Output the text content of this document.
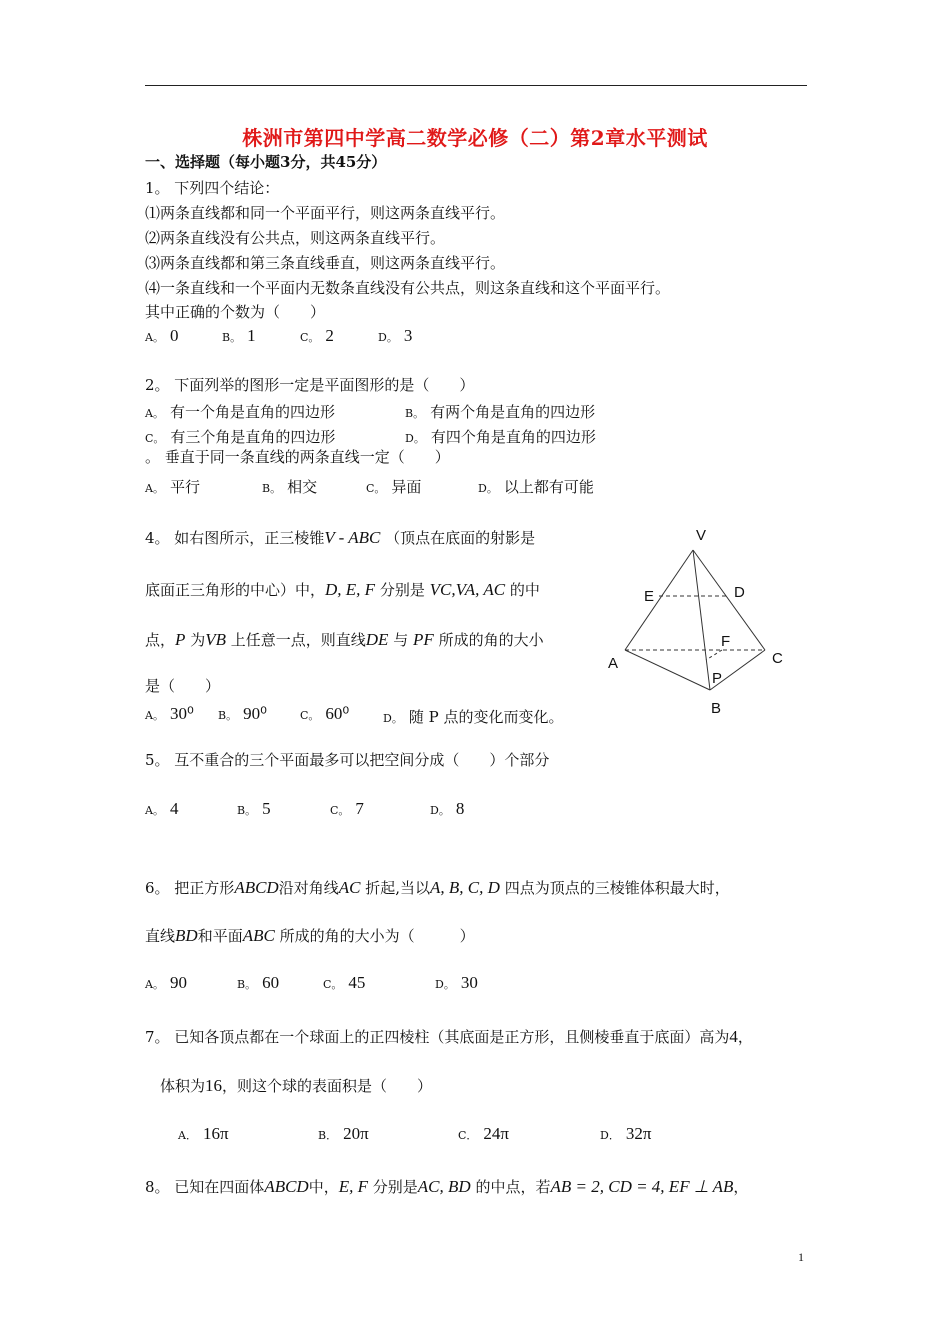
株洲市第四中学高二数学必修（二）第2章水平测试
一、选择题（每小题3分，共45分）
1。 下列四个结论：
⑴两条直线都和同一个平面平行，则这两条直线平行。
⑵两条直线没有公共点，则这两条直线平行。
⑶两条直线都和第三条直线垂直，则这两条直线平行。
⑷一条直线和一个平面内无数条直线没有公共点，则这条直线和这个平面平行。
其中正确的个数为（　　）
A。 0	B。 1	C。 2	D。 3
2。 下面列举的图形一定是平面图形的是（　　）
A。 有一个角是直角的四边形	B。 有两个角是直角的四边形
C。 有三个角是直角的四边形	D。 有四个角是直角的四边形
。 垂直于同一条直线的两条直线一定（　　）
A。 平行	B。 相交	C。 异面	D。 以上都有可能
4。 如右图所示，正三棱锥V - ABC （顶点在底面的射影是
底面正三角形的中心）中，D, E, F 分别是 VC,VA, AC 的中
点，P 为VB 上任意一点，则直线DE 与 PF 所成的角的大小
是（　　）
A。 30⁰ B。 90⁰	C。 60⁰	D。 随 P 点的变化而变化。
V
E	D
F
A	C
P
B
5。 互不重合的三个平面最多可以把空间分成（　　）个部分
A。 4	B。 5	C。 7	D。 8
6。 把正方形ABCD沿对角线AC 折起,当以A, B, C, D 四点为顶点的三棱锥体积最大时，
直线BD和平面ABC 所成的角的大小为（　　　）
A。 90	B。 60	C。 45	D。 30
7。 已知各顶点都在一个球面上的正四棱柱（其底面是正方形，且侧棱垂直于底面）高为4，
体积为16，则这个球的表面积是（　　）
A． 16π	B． 20π	C． 24π	D． 32π
8。 已知在四面体ABCD中，E, F 分别是AC, BD 的中点，若AB = 2, CD = 4, EF ⊥ AB，
1
